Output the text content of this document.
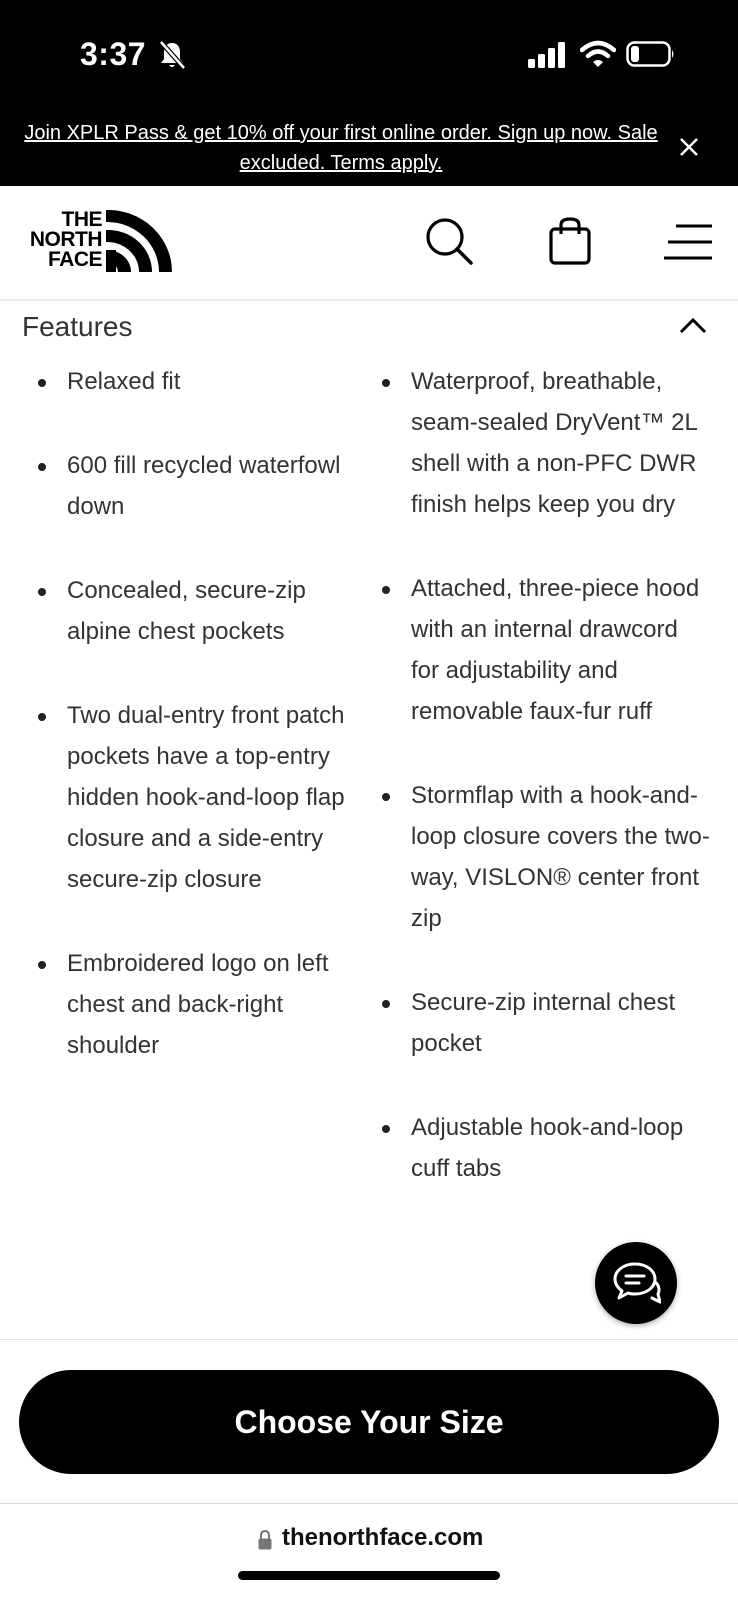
3:37
Join XPLR Pass & get 10% off your first online order. Sign up now. Sale excluded. Terms apply.
THE
NORTH
FACE
Features
Relaxed fit
600 fill recycled waterfowl down
Concealed, secure-zip alpine chest pockets
Two dual-entry front patch pockets have a top-entry hidden hook-and-loop flap closure and a side-entry secure-zip closure
Embroidered logo on left chest and back-right shoulder
Waterproof, breathable, seam-sealed DryVent™ 2L shell with a non-PFC DWR finish helps keep you dry
Attached, three-piece hood with an internal drawcord for adjustability and removable faux-fur ruff
Stormflap with a hook-and-loop closure covers the two-way, VISLON® center front zip
Secure-zip internal chest pocket
Adjustable hook-and-loop cuff tabs
Choose Your Size
thenorthface.com
